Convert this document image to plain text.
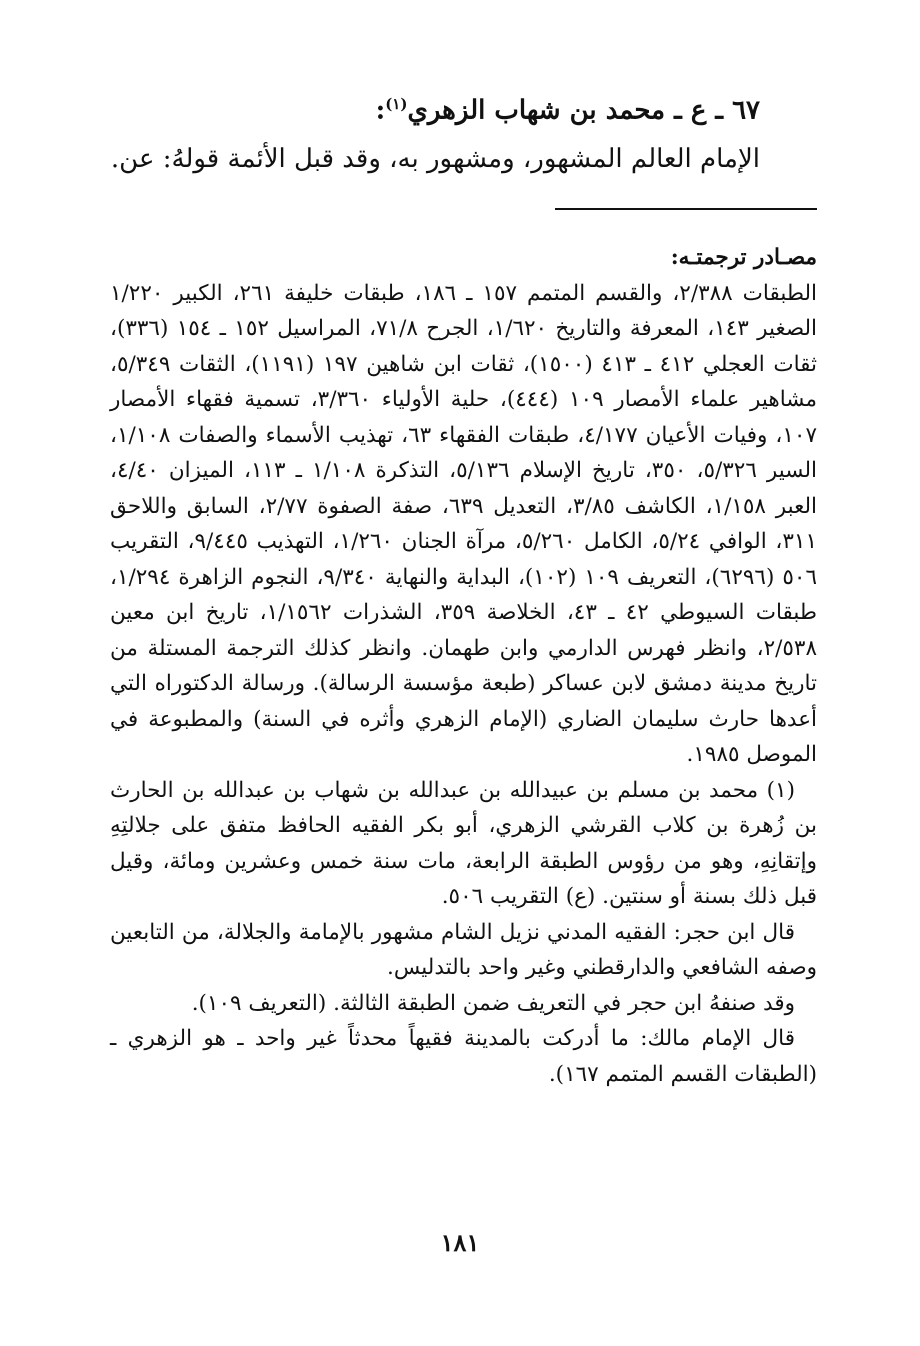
٦٧ ـ ع ـ محمد بن شهاب الزهري$^{(١)}$:

الإمام العالم المشهور، ومشهور به، وقد قبل الأئمة قولهُ: عن.

مصـادر ترجمتـه:

الطبقات ٢/٣٨٨، والقسم المتمم ١٥٧ ـ ١٨٦، طبقات خليفة ٢٦١، الكبير ١/٢٢٠ الصغير ١٤٣، المعرفة والتاريخ ١/٦٢٠، الجرح ٧١/٨، المراسيل ١٥٢ ـ ١٥٤ (٣٣٦)، ثقات العجلي ٤١٢ ـ ٤١٣ (١٥٠٠)، ثقات ابن شاهين ١٩٧ (١١٩١)، الثقات ٥/٣٤٩، مشاهير علماء الأمصار ١٠٩ (٤٤٤)، حلية الأولياء ٣/٣٦٠، تسمية فقهاء الأمصار ١٠٧، وفيات الأعيان ٤/١٧٧، طبقات الفقهاء ٦٣، تهذيب الأسماء والصفات ١/١٠٨، السير ٥/٣٢٦، ٣٥٠، تاريخ الإسلام ٥/١٣٦، التذكرة ١/١٠٨ ـ ١١٣، الميزان ٤/٤٠، العبر ١/١٥٨، الكاشف ٣/٨٥، التعديل ٦٣٩، صفة الصفوة ٢/٧٧، السابق واللاحق ٣١١، الوافي ٥/٢٤، الكامل ٥/٢٦٠، مرآة الجنان ١/٢٦٠، التهذيب ٩/٤٤٥، التقريب ٥٠٦ (٦٢٩٦)، التعريف ١٠٩ (١٠٢)، البداية والنهاية ٩/٣٤٠، النجوم الزاهرة ١/٢٩٤، طبقات السيوطي ٤٢ ـ ٤٣، الخلاصة ٣٥٩، الشذرات ١/١٥٦٢، تاريخ ابن معين ٢/٥٣٨، وانظر فهرس الدارمي وابن طهمان. وانظر كذلك الترجمة المستلة من تاريخ مدينة دمشق لابن عساكر (طبعة مؤسسة الرسالة). ورسالة الدكتوراه التي أعدها حارث سليمان الضاري (الإمام الزهري وأثره في السنة) والمطبوعة في الموصل ١٩٨٥.

(١) محمد بن مسلم بن عبيدالله بن عبدالله بن شهاب بن عبدالله بن الحارث بن زُهرة بن كلاب القرشي الزهري، أبو بكر الفقيه الحافظ متفق على جلالتِهِ وإتقانِهِ، وهو من رؤوس الطبقة الرابعة، مات سنة خمس وعشرين ومائة، وقيل قبل ذلك بسنة أو سنتين. (ع) التقريب ٥٠٦.

قال ابن حجر: الفقيه المدني نزيل الشام مشهور بالإمامة والجلالة، من التابعين وصفه الشافعي والدارقطني وغير واحد بالتدليس.

وقد صنفهُ ابن حجر في التعريف ضمن الطبقة الثالثة. (التعريف ١٠٩).

قال الإمام مالك: ما أدركت بالمدينة فقيهاً محدثاً غير واحد ـ هو الزهري ـ (الطبقات القسم المتمم ١٦٧).

١٨١
